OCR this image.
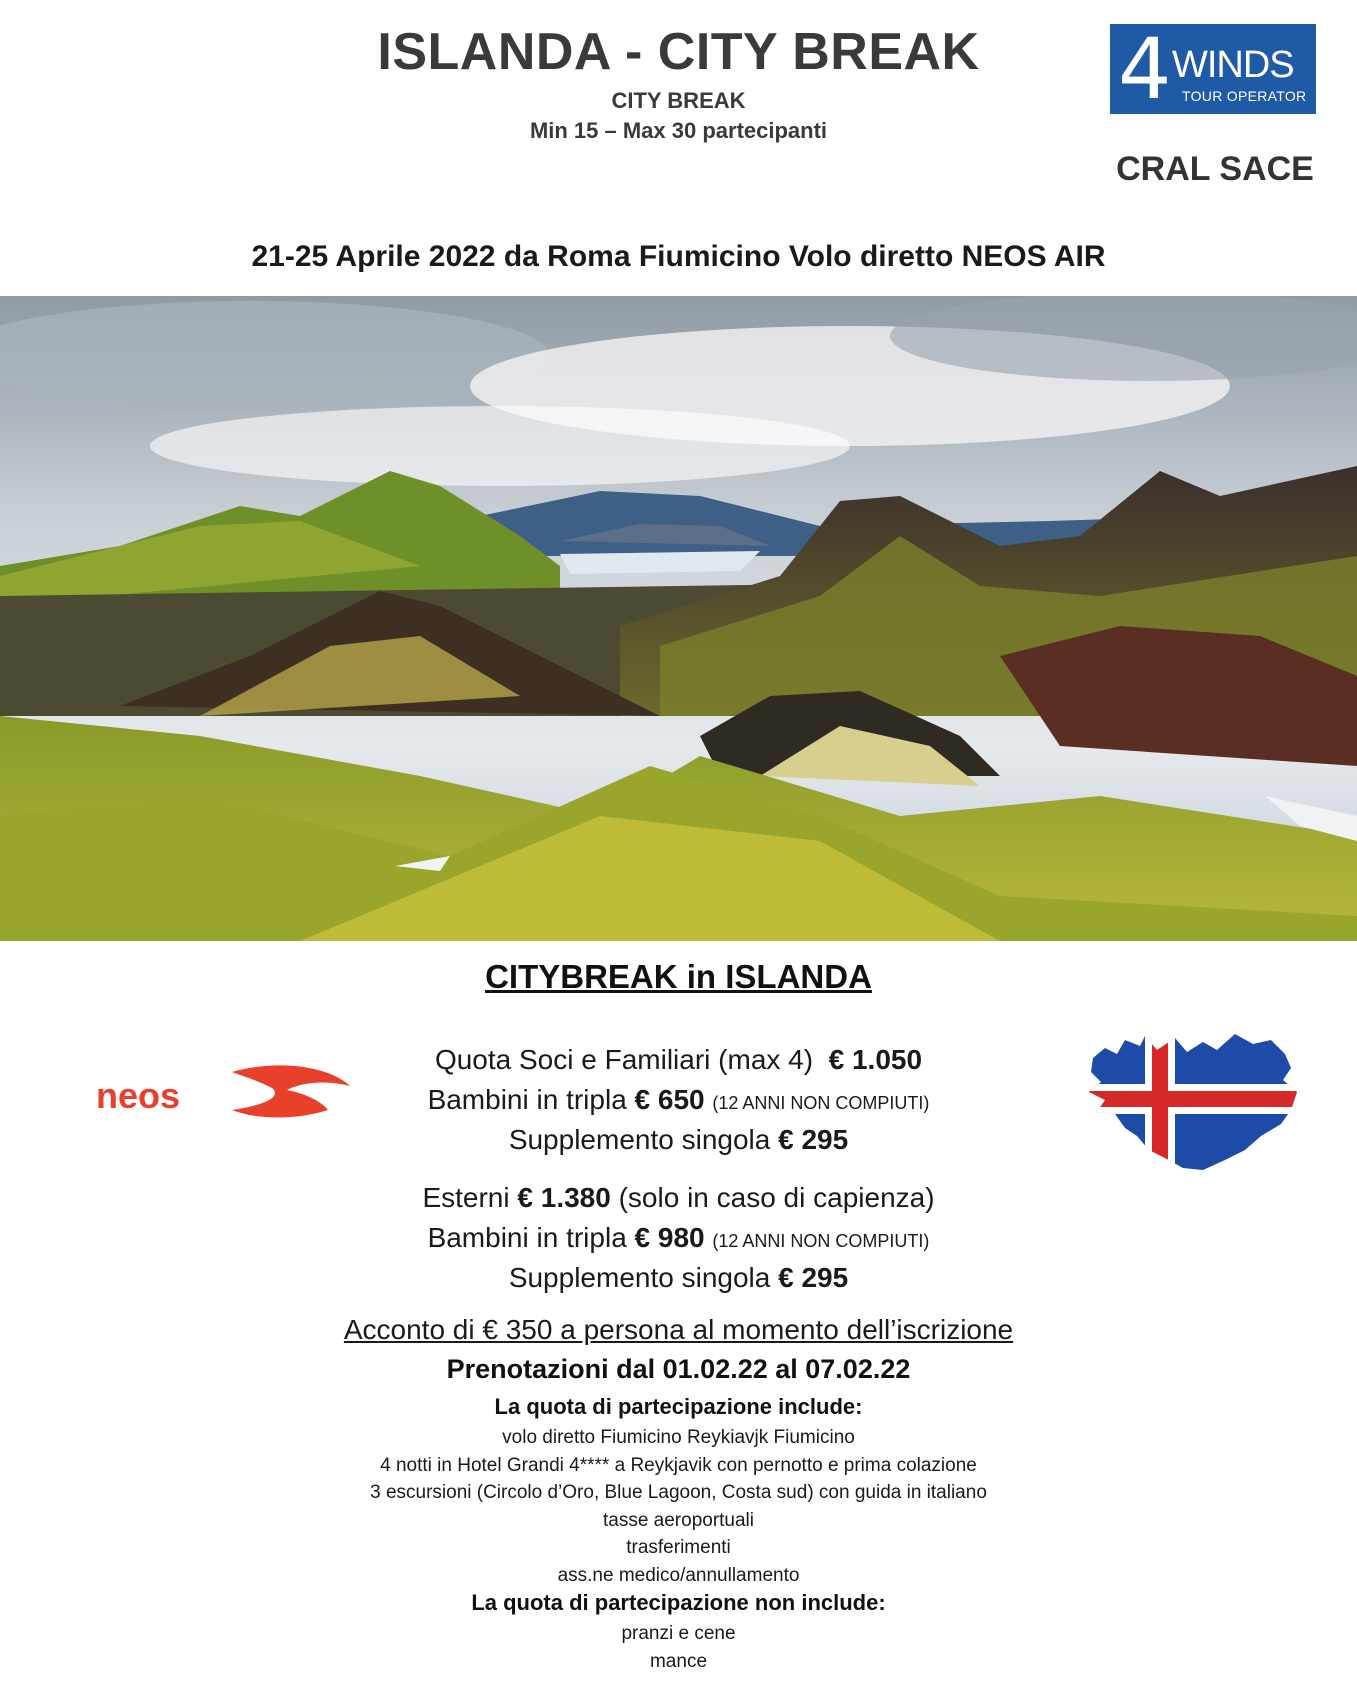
ISLANDA - CITY BREAK
CITY BREAK
Min 15 – Max 30 partecipanti
4 WINDS
TOUR OPERATOR
CRAL SACE
21-25 Aprile 2022 da Roma Fiumicino Volo diretto NEOS AIR
CITYBREAK in ISLANDA
neos
Quota Soci e Familiari (max 4) € 1.050
Bambini in tripla € 650 (12 ANNI NON COMPIUTI)
Supplemento singola € 295
Esterni € 1.380 (solo in caso di capienza)
Bambini in tripla € 980 (12 ANNI NON COMPIUTI)
Supplemento singola € 295
Acconto di € 350 a persona al momento dell’iscrizione
Prenotazioni dal 01.02.22 al 07.02.22
La quota di partecipazione include:
volo diretto Fiumicino Reykiavjk Fiumicino
4 notti in Hotel Grandi 4**** a Reykjavik con pernotto e prima colazione
3 escursioni (Circolo d’Oro, Blue Lagoon, Costa sud) con guida in italiano
tasse aeroportuali
trasferimenti
ass.ne medico/annullamento
La quota di partecipazione non include:
pranzi e cene
mance
